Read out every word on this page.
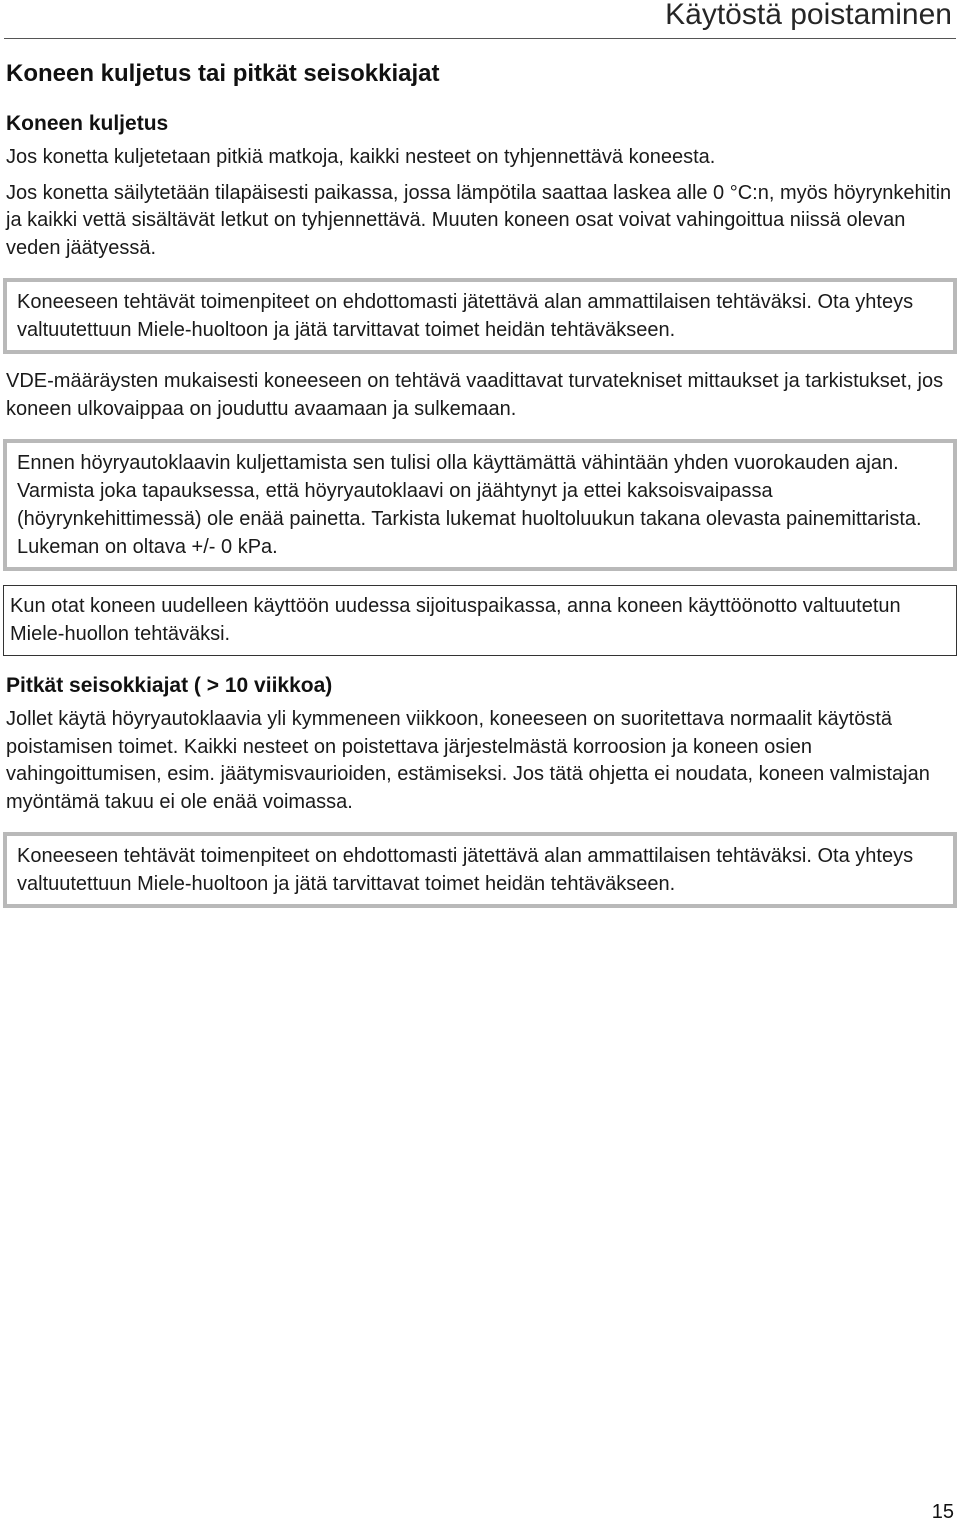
Käytöstä poistaminen
Koneen kuljetus tai pitkät seisokkiajat
Koneen kuljetus

Jos konetta kuljetetaan pitkiä matkoja, kaikki nesteet on tyhjennettävä koneesta.

Jos konetta säilytetään tilapäisesti paikassa, jossa lämpötila saattaa laskea alle 0 °C:n, myös höyrynkehitin ja kaikki vettä sisältävät letkut on tyhjennettävä. Muuten koneen osat voivat vahingoittua niissä olevan veden jäätyessä.

Koneeseen tehtävät toimenpiteet on ehdottomasti jätettävä alan ammattilaisen tehtäväksi. Ota yhteys valtuutettuun Miele-huoltoon ja jätä tarvittavat toimet heidän tehtäväkseen.

VDE-määräysten mukaisesti koneeseen on tehtävä vaadittavat turvatekniset mittaukset ja tarkistukset, jos koneen ulkovaippaa on jouduttu avaamaan ja sulkemaan.

Ennen höyryautoklaavin kuljettamista sen tulisi olla käyttämättä vähintään yhden vuorokauden ajan. Varmista joka tapauksessa, että höyryautoklaavi on jäähtynyt ja ettei kaksoisvaipassa (höyrynkehittimessä) ole enää painetta. Tarkista lukemat huoltoluukun takana olevasta painemittarista. Lukeman on oltava +/- 0 kPa.

Kun otat koneen uudelleen käyttöön uudessa sijoituspaikassa, anna koneen käyttöönotto valtuutetun Miele-huollon tehtäväksi.

Pitkät seisokkiajat ( > 10 viikkoa)

Jollet käytä höyryautoklaavia yli kymmeneen viikkoon, koneeseen on suoritettava normaalit käytöstä poistamisen toimet. Kaikki nesteet on poistettava järjestelmästä korroosion ja koneen osien vahingoittumisen, esim. jäätymisvaurioiden, estämiseksi. Jos tätä ohjetta ei noudata, koneen valmistajan myöntämä takuu ei ole enää voimassa.

Koneeseen tehtävät toimenpiteet on ehdottomasti jätettävä alan ammattilaisen tehtäväksi. Ota yhteys valtuutettuun Miele-huoltoon ja jätä tarvittavat toimet heidän tehtäväkseen.

15
